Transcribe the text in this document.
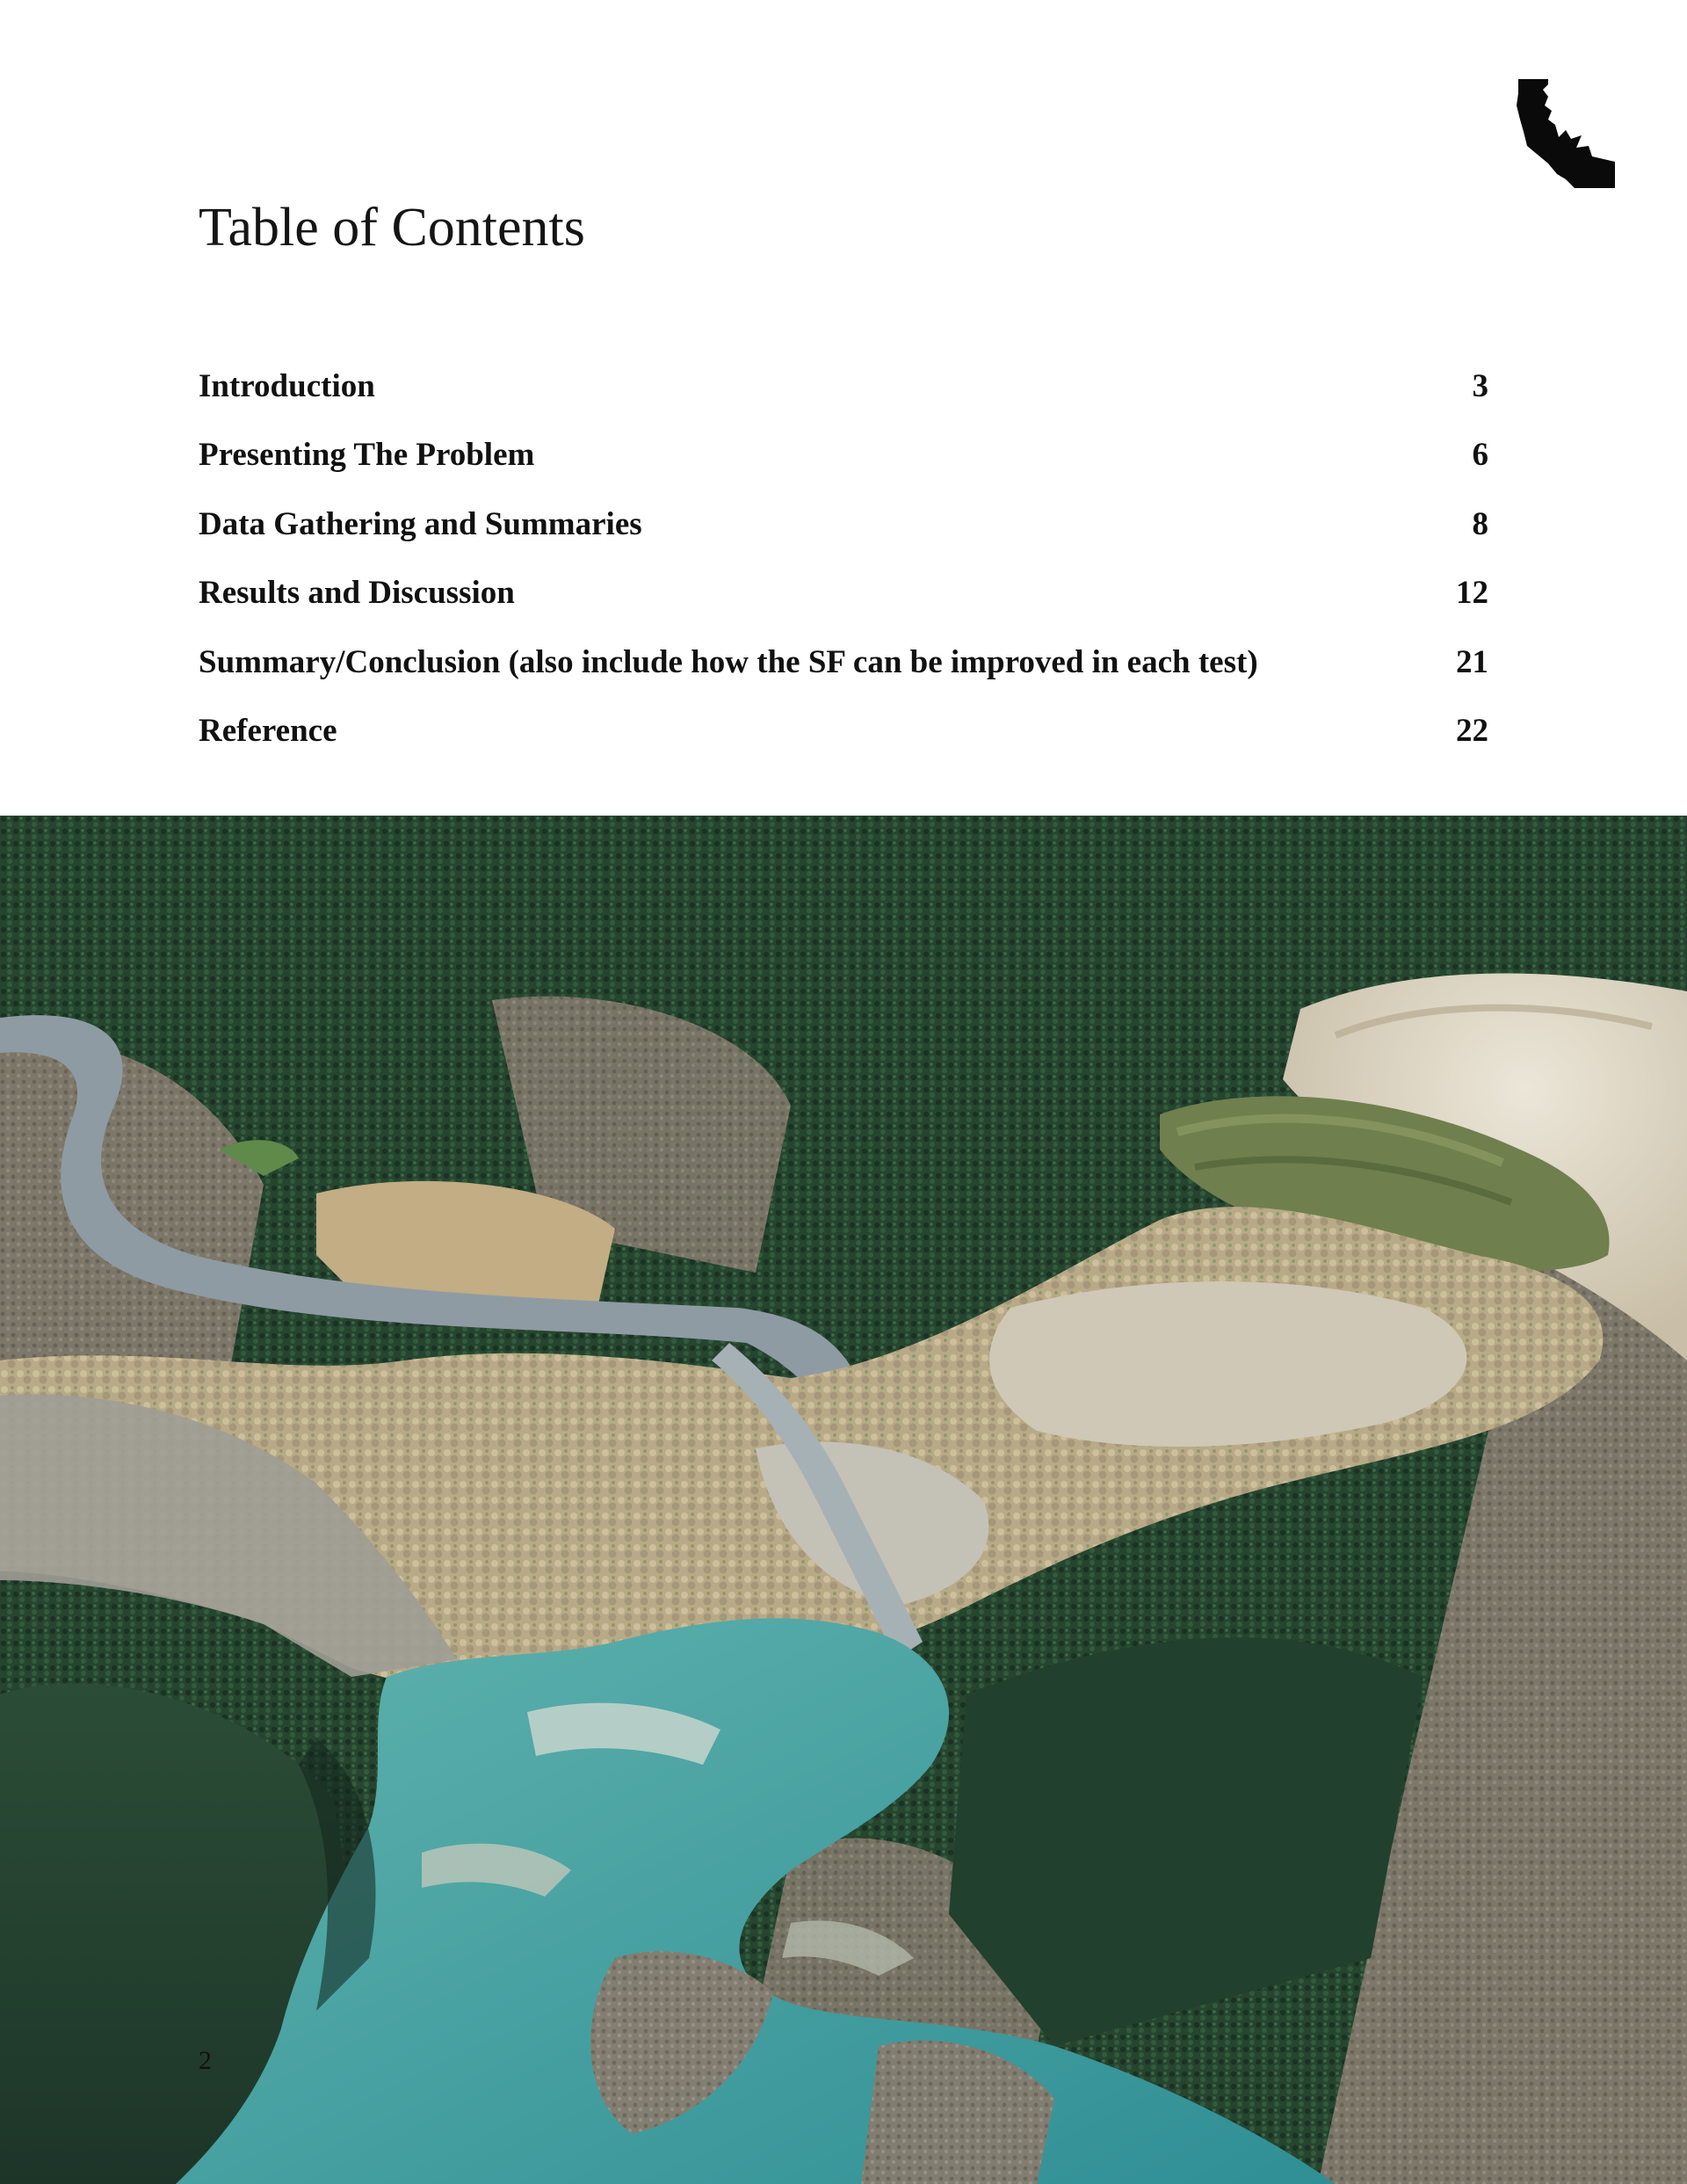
Table of Contents
Introduction	3
Presenting The Problem	6
Data Gathering and Summaries	8
Results and Discussion	12
Summary/Conclusion (also include how the SF can be improved in each test)	21
Reference	22
2
